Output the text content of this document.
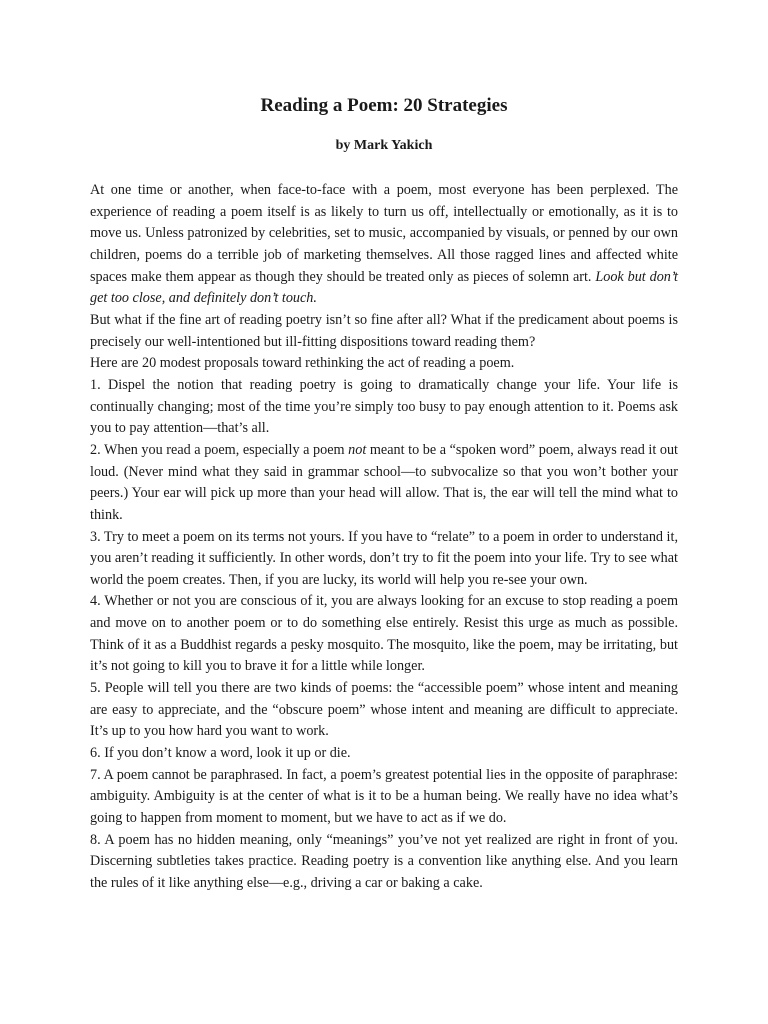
Reading a Poem: 20 Strategies
by Mark Yakich

At one time or another, when face-to-face with a poem, most everyone has been perplexed. The experience of reading a poem itself is as likely to turn us off, intellectually or emotionally, as it is to move us. Unless patronized by celebrities, set to music, accompanied by visuals, or penned by our own children, poems do a terrible job of marketing themselves. All those ragged lines and affected white spaces make them appear as though they should be treated only as pieces of solemn art. Look but don’t get too close, and definitely don’t touch.

But what if the fine art of reading poetry isn’t so fine after all? What if the predicament about poems is precisely our well-intentioned but ill-fitting dispositions toward reading them?

Here are 20 modest proposals toward rethinking the act of reading a poem.

1. Dispel the notion that reading poetry is going to dramatically change your life. Your life is continually changing; most of the time you’re simply too busy to pay enough attention to it. Poems ask you to pay attention—that’s all.

2. When you read a poem, especially a poem not meant to be a “spoken word” poem, always read it out loud. (Never mind what they said in grammar school—to subvocalize so that you won’t bother your peers.) Your ear will pick up more than your head will allow. That is, the ear will tell the mind what to think.

3. Try to meet a poem on its terms not yours. If you have to “relate” to a poem in order to understand it, you aren’t reading it sufficiently. In other words, don’t try to fit the poem into your life. Try to see what world the poem creates. Then, if you are lucky, its world will help you re-see your own.

4. Whether or not you are conscious of it, you are always looking for an excuse to stop reading a poem and move on to another poem or to do something else entirely. Resist this urge as much as possible. Think of it as a Buddhist regards a pesky mosquito. The mosquito, like the poem, may be irritating, but it’s not going to kill you to brave it for a little while longer.

5. People will tell you there are two kinds of poems: the “accessible poem” whose intent and meaning are easy to appreciate, and the “obscure poem” whose intent and meaning are difficult to appreciate. It’s up to you how hard you want to work.

6. If you don’t know a word, look it up or die.

7. A poem cannot be paraphrased. In fact, a poem’s greatest potential lies in the opposite of paraphrase: ambiguity. Ambiguity is at the center of what is it to be a human being. We really have no idea what’s going to happen from moment to moment, but we have to act as if we do.

8. A poem has no hidden meaning, only “meanings” you’ve not yet realized are right in front of you. Discerning subtleties takes practice. Reading poetry is a convention like anything else. And you learn the rules of it like anything else—e.g., driving a car or baking a cake.
